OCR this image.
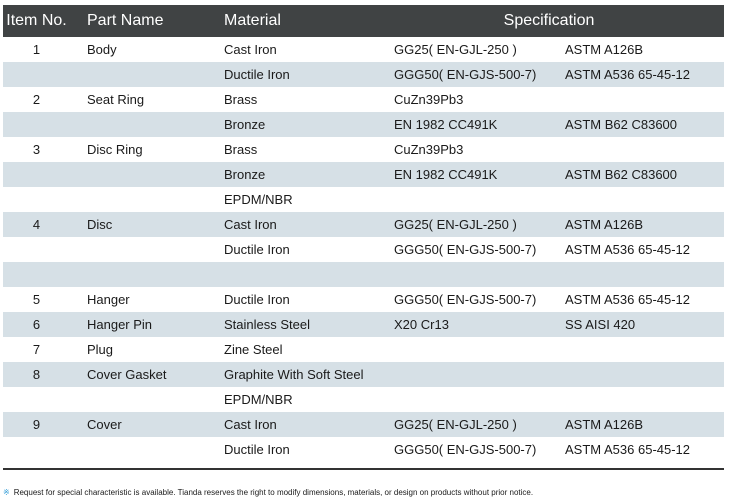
Item No.	Part Name	Material	Specification	
1	Body	Cast Iron	GG25( EN-GJL-250 )	ASTM A126B
		Ductile Iron	GGG50( EN-GJS-500-7)	ASTM A536 65-45-12
2	Seat Ring	Brass	CuZn39Pb3	
		Bronze	EN 1982 CC491K	ASTM B62 C83600
3	Disc Ring	Brass	CuZn39Pb3	
		Bronze	EN 1982 CC491K	ASTM B62 C83600
		EPDM/NBR		
4	Disc	Cast Iron	GG25( EN-GJL-250 )	ASTM A126B
		Ductile Iron	GGG50( EN-GJS-500-7)	ASTM A536 65-45-12

5	Hanger	Ductile Iron	GGG50( EN-GJS-500-7)	ASTM A536 65-45-12
6	Hanger Pin	Stainless Steel	X20 Cr13	SS AISI 420
7	Plug	Zine Steel		
8	Cover Gasket	Graphite With Soft Steel		
		EPDM/NBR		
9	Cover	Cast Iron	GG25( EN-GJL-250 )	ASTM A126B
		Ductile Iron	GGG50( EN-GJS-500-7)	ASTM A536 65-45-12
※ Request for special characteristic is available. Tianda reserves the right to modify dimensions, materials, or design on products without prior notice.
